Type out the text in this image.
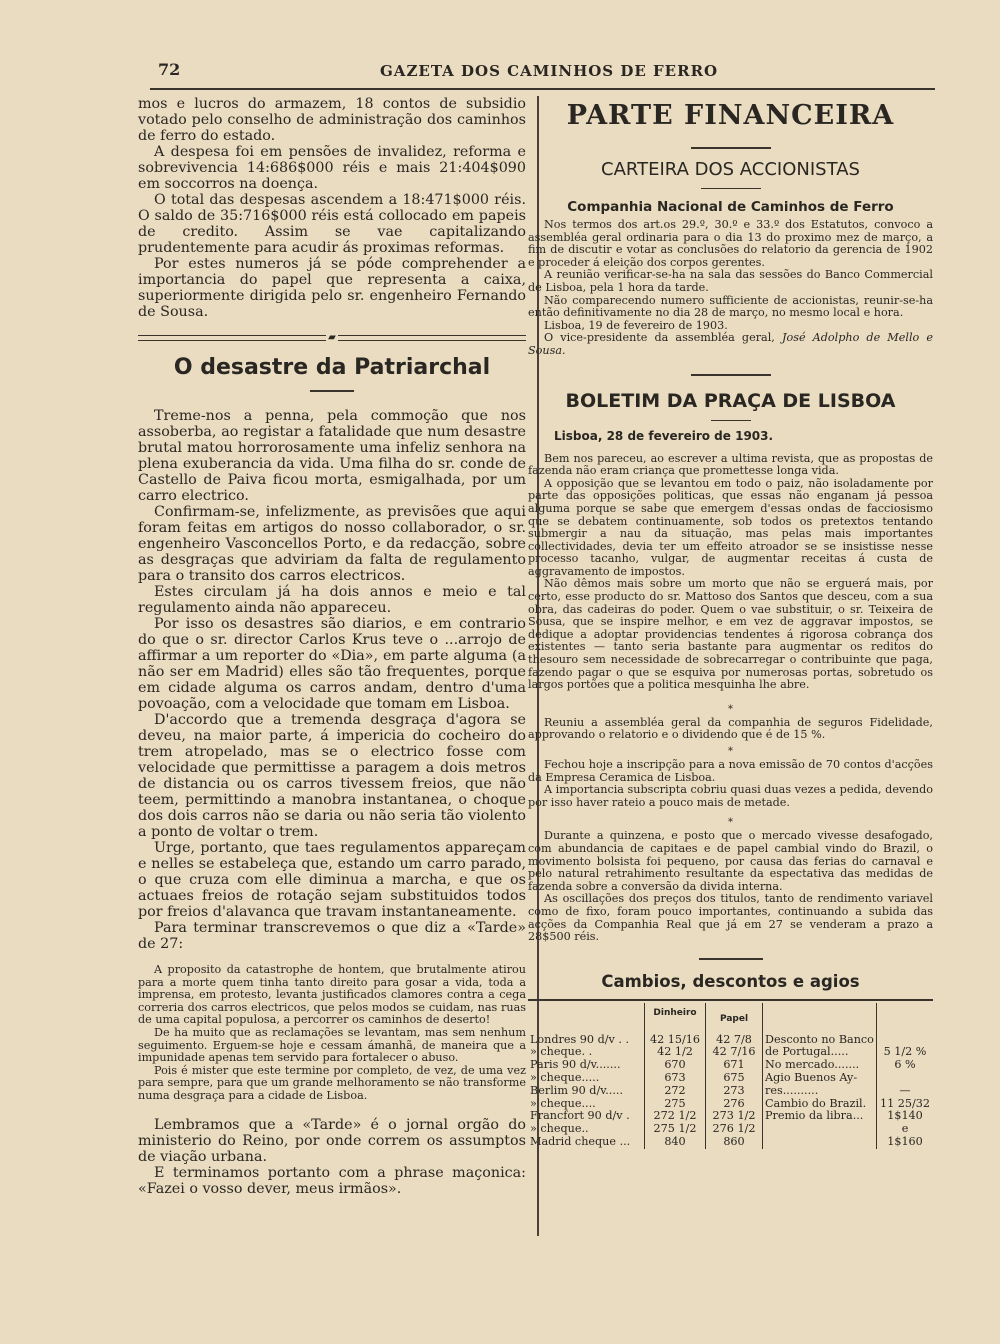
72	GAZETA DOS CAMINHOS DE FERRO

mos e lucros do armazem, 18 contos de subsidio votado pelo conselho de administração dos caminhos de ferro do estado.

A despesa foi em pensões de invalidez, reforma e sobrevivencia 14:686$000 réis e mais 21:404$090 em soccorros na doença.

O total das despesas ascendem a 18:471$000 réis. O saldo de 35:716$000 réis está collocado em papeis de credito. Assim se vae capitalizando prudentemente para acudir ás proximas reformas.

Por estes numeros já se póde comprehender a importancia do papel que representa a caixa, superiormente dirigida pelo sr. engenheiro Fernando de Sousa.

▰
O desastre da Patriarchal

Treme-nos a penna, pela commoção que nos assoberba, ao registar a fatalidade que num desastre brutal matou horrorosamente uma infeliz senhora na plena exuberancia da vida. Uma filha do sr. conde de Castello de Paiva ficou morta, esmigalhada, por um carro electrico.

Confirmam-se, infelizmente, as previsões que aqui foram feitas em artigos do nosso collaborador, o sr. engenheiro Vasconcellos Porto, e da redacção, sobre as desgraças que adviriam da falta de regulamento para o transito dos carros electricos.

Estes circulam já ha dois annos e meio e tal regulamento ainda não appareceu.

Por isso os desastres são diarios, e em contrario do que o sr. director Carlos Krus teve o ...arrojo de affirmar a um reporter do «Dia», em parte alguma (a não ser em Madrid) elles são tão frequentes, porque em cidade alguma os carros andam, dentro d'uma povoação, com a velocidade que tomam em Lisboa.

D'accordo que a tremenda desgraça d'agora se deveu, na maior parte, á impericia do cocheiro do trem atropelado, mas se o electrico fosse com velocidade que permittisse a paragem a dois metros de distancia ou os carros tivessem freios, que não teem, permittindo a manobra instantanea, o choque dos dois carros não se daria ou não seria tão violento a ponto de voltar o trem.

Urge, portanto, que taes regulamentos appareçam e nelles se estabeleça que, estando um carro parado, o que cruza com elle diminua a marcha, e que os actuaes freios de rotação sejam substituidos todos por freios d'alavanca que travam instantaneamente.

Para terminar transcrevemos o que diz a «Tarde» de 27:

A proposito da catastrophe de hontem, que brutalmente atirou para a morte quem tinha tanto direito para gosar a vida, toda a imprensa, em protesto, levanta justificados clamores contra a cega correria dos carros electricos, que pelos modos se cuidam, nas ruas de uma capital populosa, a percorrer os caminhos de deserto!

De ha muito que as reclamações se levantam, mas sem nenhum seguimento. Erguem-se hoje e cessam ámanhã, de maneira que a impunidade apenas tem servido para fortalecer o abuso.

Pois é mister que este termine por completo, de vez, de uma vez para sempre, para que um grande melhoramento se não transforme numa desgraça para a cidade de Lisboa.

Lembramos que a «Tarde» é o jornal orgão do ministerio do Reino, por onde correm os assumptos de viação urbana.

E terminamos portanto com a phrase maçonica: «Fazei o vosso dever, meus irmãos».

PARTE FINANCEIRA
CARTEIRA DOS ACCIONISTAS
Companhia Nacional de Caminhos de Ferro

Nos termos dos art.os 29.º, 30.º e 33.º dos Estatutos, convoco a assembléa geral ordinaria para o dia 13 do proximo mez de março, a fim de discutir e votar as conclusões do relatorio da gerencia de 1902 e proceder á eleição dos corpos gerentes.

A reunião verificar-se-ha na sala das sessões do Banco Commercial de Lisboa, pela 1 hora da tarde.

Não comparecendo numero sufficiente de accionistas, reunir-se-ha então definitivamente no dia 28 de março, no mesmo local e hora.

Lisboa, 19 de fevereiro de 1903.

O vice-presidente da assembléa geral, José Adolpho de Mello e Sousa.

BOLETIM DA PRAÇA DE LISBOA
Lisboa, 28 de fevereiro de 1903.

Bem nos pareceu, ao escrever a ultima revista, que as propostas de fazenda não eram criança que promettesse longa vida.

A opposição que se levantou em todo o paiz, não isoladamente por parte das opposições politicas, que essas não enganam já pessoa alguma porque se sabe que emergem d'essas ondas de facciosismo que se debatem continuamente, sob todos os pretextos tentando submergir a nau da situação, mas pelas mais importantes collectividades, devia ter um effeito atroador se se insistisse nesse processo tacanho, vulgar, de augmentar receitas á custa de aggravamento de impostos.

Não dêmos mais sobre um morto que não se erguerá mais, por certo, esse producto do sr. Mattoso dos Santos que desceu, com a sua obra, das cadeiras do poder. Quem o vae substituir, o sr. Teixeira de Sousa, que se inspire melhor, e em vez de aggravar impostos, se dedique a adoptar providencias tendentes á rigorosa cobrança dos existentes — tanto seria bastante para augmentar os reditos do thesouro sem necessidade de sobrecarregar o contribuinte que paga, fazendo pagar o que se esquiva por numerosas portas, sobretudo os largos portões que a politica mesquinha lhe abre.

*

Reuniu a assembléa geral da companhia de seguros Fidelidade, approvando o relatorio e o dividendo que é de 15 %.

*

Fechou hoje a inscripção para a nova emissão de 70 contos d'acções da Empresa Ceramica de Lisboa.

A importancia subscripta cobriu quasi duas vezes a pedida, devendo por isso haver rateio a pouco mais de metade.

*

Durante a quinzena, e posto que o mercado vivesse desafogado, com abundancia de capitaes e de papel cambial vindo do Brazil, o movimento bolsista foi pequeno, por causa das ferias do carnaval e pelo natural retrahimento resultante da espectativa das medidas de fazenda sobre a conversão da divida interna.

As oscillações dos preços dos titulos, tanto de rendimento variavel como de fixo, foram pouco importantes, continuando a subida das acções da Companhia Real que já em 27 se venderam a prazo a 28$500 réis.

Cambios, descontos e agios
	Dinheiro	Papel		

Londres 90 d/v . .	42 15/16	42 7/8	Desconto no Banco	
» cheque. .	42 1/2	42 7/16	de Portugal.....	5 1/2 %
Paris 90 d/v.......	670	671	No mercado.......	6 %
» cheque.....	673	675	Agio Buenos Ay-	
Berlim 90 d/v.....	272	273	res..........	—
» cheque....	275	276	Cambio do Brazil.	11 25/32
Francfort 90 d/v .	272 1/2	273 1/2	Premio da libra...	1$140
» cheque..	275 1/2	276 1/2		e
Madrid cheque ...	840	860		1$160
